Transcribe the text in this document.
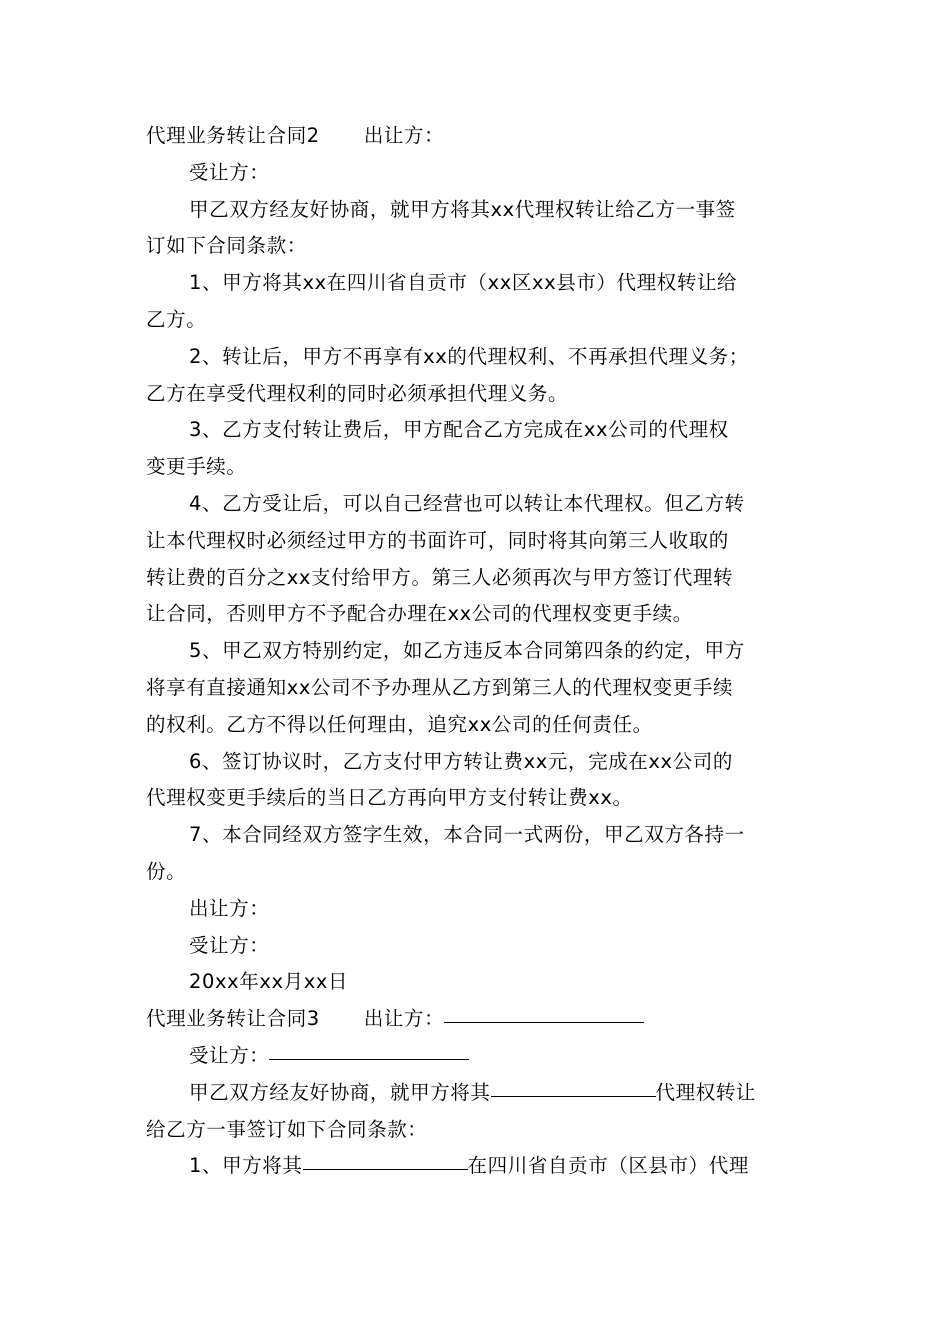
代理业务转让合同2 出让方：
受让方：
甲乙双方经友好协商，就甲方将其xx代理权转让给乙方一事签
订如下合同条款：
1、甲方将其xx在四川省自贡市（xx区xx县市）代理权转让给
乙方。
2、转让后，甲方不再享有xx的代理权利、不再承担代理义务；
乙方在享受代理权利的同时必须承担代理义务。
3、乙方支付转让费后，甲方配合乙方完成在xx公司的代理权
变更手续。
4、乙方受让后，可以自己经营也可以转让本代理权。但乙方转
让本代理权时必须经过甲方的书面许可，同时将其向第三人收取的
转让费的百分之xx支付给甲方。第三人必须再次与甲方签订代理转
让合同，否则甲方不予配合办理在xx公司的代理权变更手续。
5、甲乙双方特别约定，如乙方违反本合同第四条的约定，甲方
将享有直接通知xx公司不予办理从乙方到第三人的代理权变更手续
的权利。乙方不得以任何理由，追究xx公司的任何责任。
6、签订协议时，乙方支付甲方转让费xx元，完成在xx公司的
代理权变更手续后的当日乙方再向甲方支付转让费xx。
7、本合同经双方签字生效，本合同一式两份，甲乙双方各持一
份。
出让方：
受让方：
20xx年xx月xx日
代理业务转让合同3 出让方：
受让方：
甲乙双方经友好协商，就甲方将其	代理权转让
给乙方一事签订如下合同条款：
1、甲方将其	在四川省自贡市（区县市）代理
